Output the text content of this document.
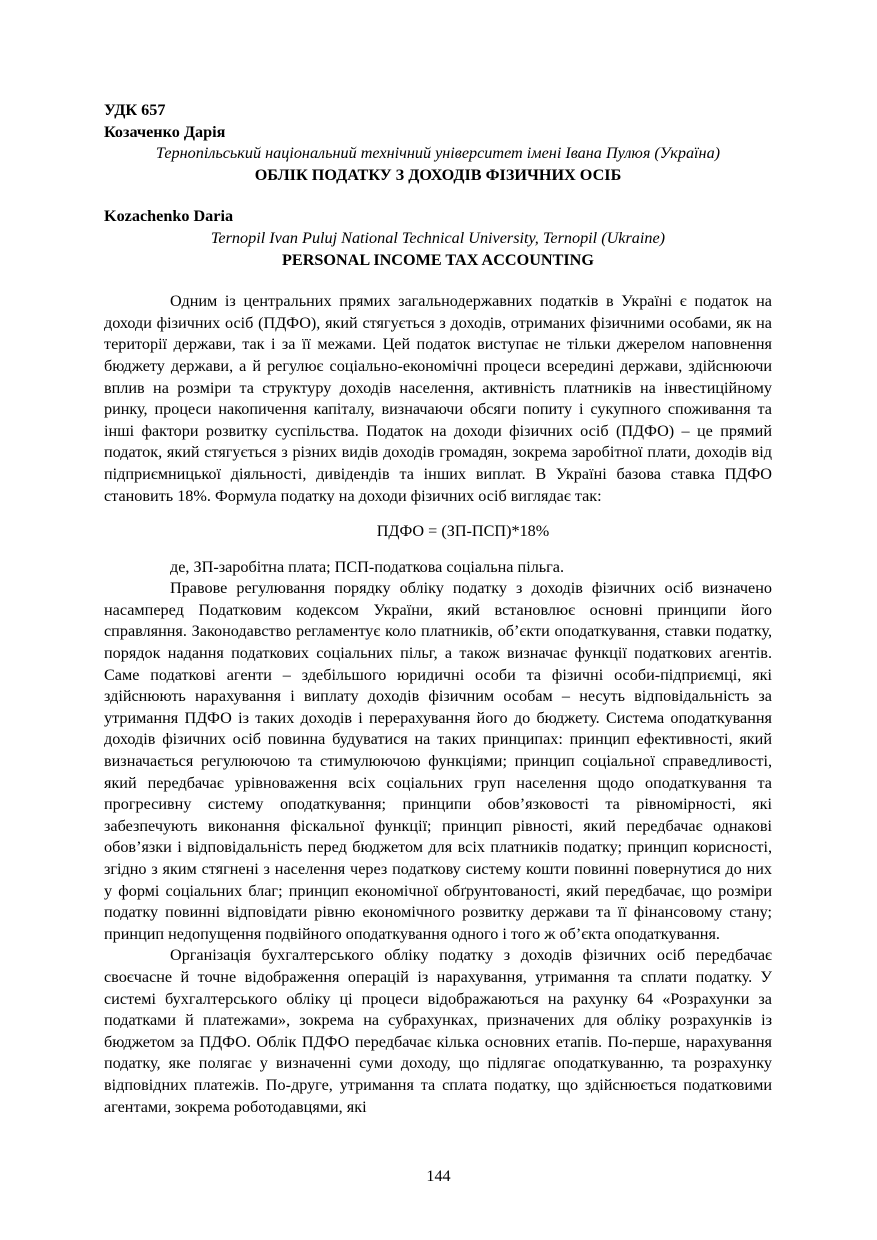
УДК 657

Козаченко Дарія

Тернопільський національний технічний університет імені Івана Пулюя (Україна)

ОБЛІК ПОДАТКУ З ДОХОДІВ ФІЗИЧНИХ ОСІБ

Kozachenko Daria

Ternopil Ivan Puluj National Technical University, Ternopil (Ukraine)

PERSONAL INCOME TAX ACCOUNTING

Одним із центральних прямих загальнодержавних податків в Україні є податок на доходи фізичних осіб (ПДФО), який стягується з доходів, отриманих фізичними особами, як на території держави, так і за її межами. Цей податок виступає не тільки джерелом наповнення бюджету держави, а й регулює соціально-економічні процеси всередині держави, здійснюючи вплив на розміри та структуру доходів населення, активність платників на інвестиційному ринку, процеси накопичення капіталу, визначаючи обсяги попиту і сукупного споживання та інші фактори розвитку суспільства. Податок на доходи фізичних осіб (ПДФО) – це прямий податок, який стягується з різних видів доходів громадян, зокрема заробітної плати, доходів від підприємницької діяльності, дивідендів та інших виплат. В Україні базова ставка ПДФО становить 18%. Формула податку на доходи фізичних осіб виглядає так:

ПДФО = (ЗП-ПСП)*18%

де, ЗП-заробітна плата; ПСП-податкова соціальна пільга.

Правове регулювання порядку обліку податку з доходів фізичних осіб визначено насамперед Податковим кодексом України, який встановлює основні принципи його справляння. Законодавство регламентує коло платників, об’єкти оподаткування, ставки податку, порядок надання податкових соціальних пільг, а також визначає функції податкових агентів. Саме податкові агенти – здебільшого юридичні особи та фізичні особи-підприємці, які здійснюють нарахування і виплату доходів фізичним особам – несуть відповідальність за утримання ПДФО із таких доходів і перерахування його до бюджету. Система оподаткування доходів фізичних осіб повинна будуватися на таких принципах: принцип ефективності, який визначається регулюючою та стимулюючою функціями; принцип соціальної справедливості, який передбачає урівноваження всіх соціальних груп населення щодо оподаткування та прогресивну систему оподаткування; принципи обов’язковості та рівномірності, які забезпечують виконання фіскальної функції; принцип рівності, який передбачає однакові обов’язки і відповідальність перед бюджетом для всіх платників податку; принцип корисності, згідно з яким стягнені з населення через податкову систему кошти повинні повернутися до них у формі соціальних благ; принцип економічної обґрунтованості, який передбачає, що розміри податку повинні відповідати рівню економічного розвитку держави та її фінансовому стану; принцип недопущення подвійного оподаткування одного і того ж об’єкта оподаткування.

Організація бухгалтерського обліку податку з доходів фізичних осіб передбачає своєчасне й точне відображення операцій із нарахування, утримання та сплати податку. У системі бухгалтерського обліку ці процеси відображаються на рахунку 64 «Розрахунки за податками й платежами», зокрема на субрахунках, призначених для обліку розрахунків із бюджетом за ПДФО. Облік ПДФО передбачає кілька основних етапів. По-перше, нарахування податку, яке полягає у визначенні суми доходу, що підлягає оподаткуванню, та розрахунку відповідних платежів. По-друге, утримання та сплата податку, що здійснюється податковими агентами, зокрема роботодавцями, які

144
